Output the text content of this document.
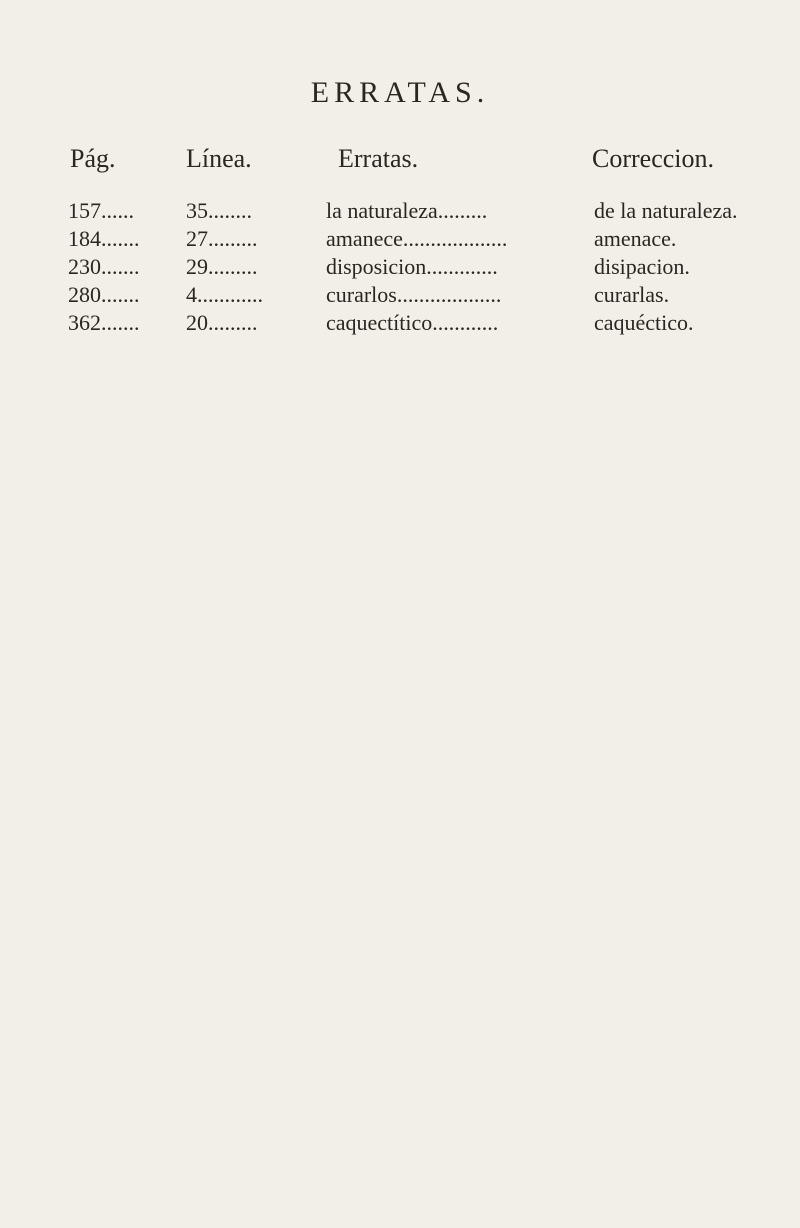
ERRATAS.
Pág.	Línea.	Erratas.	Correccion.
157...... 35........	la naturaleza.........	de la naturaleza.
184....... 27.........	amanece...................	amenace.
230....... 29.........	disposicion.............	disipacion.
280....... 4............	curarlos...................	curarlas.
362....... 20.........	caquectítico............	caquéctico.
